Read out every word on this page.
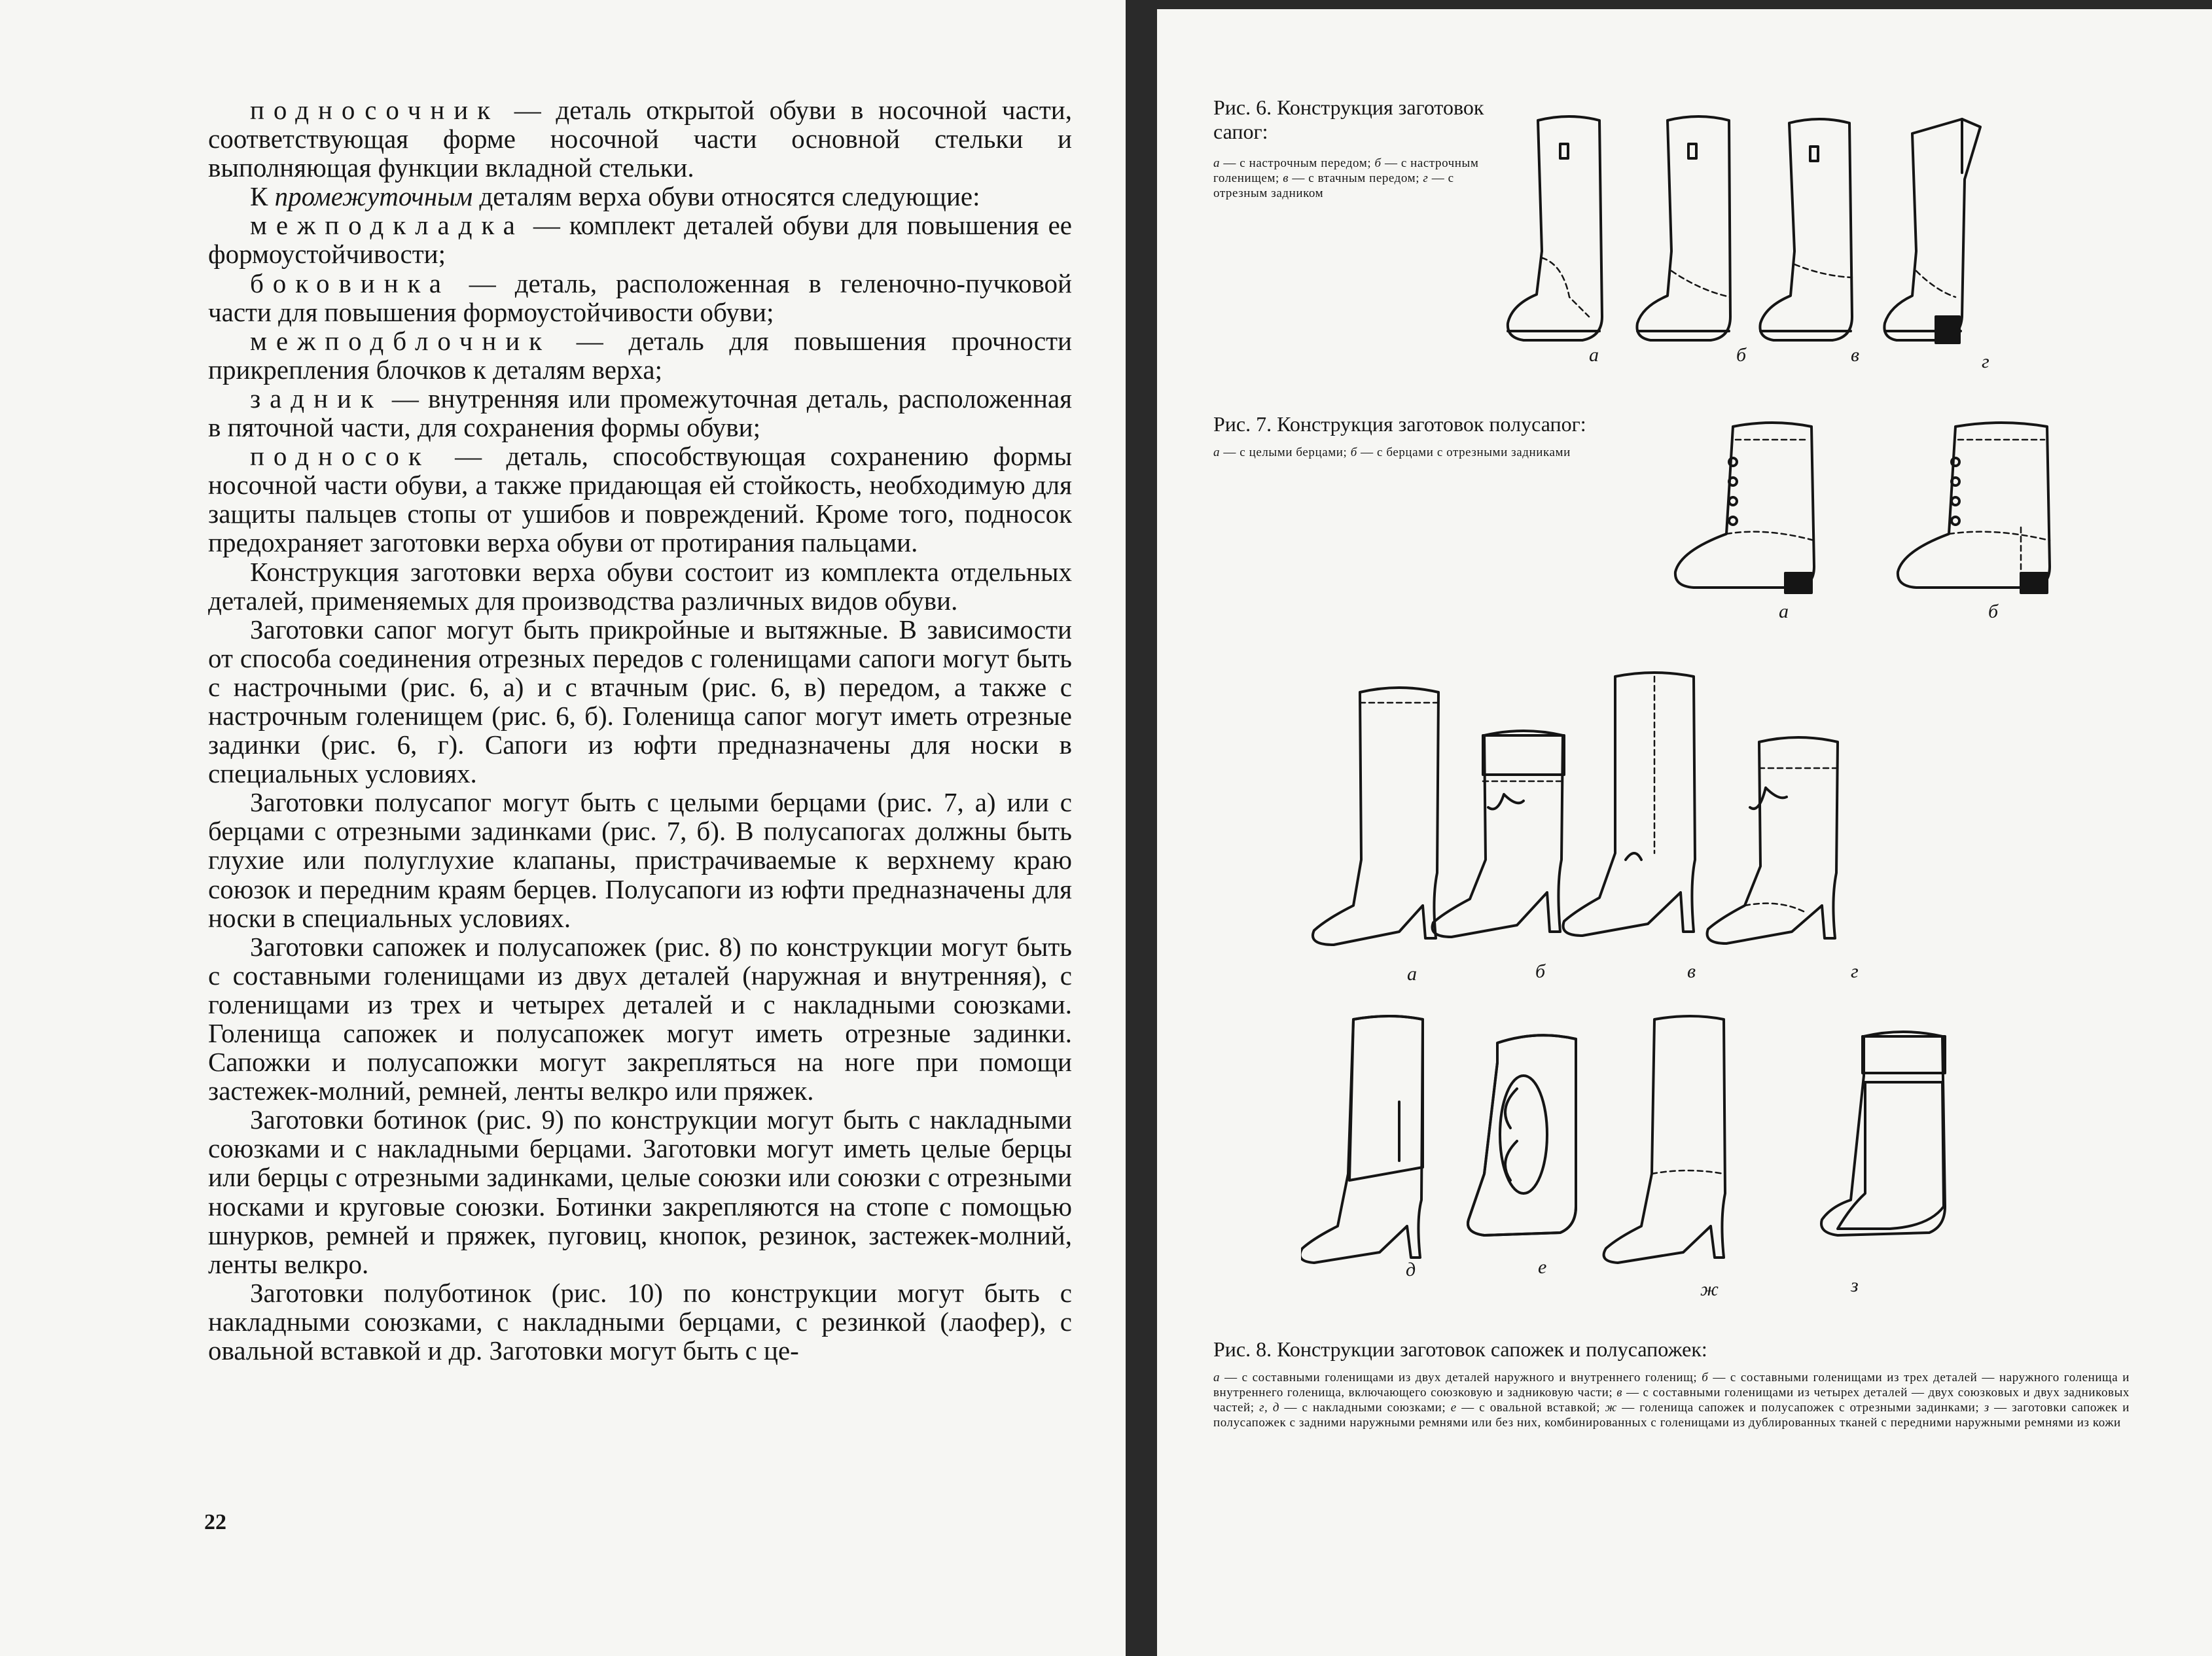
подносочник — деталь открытой обуви в носочной части, соответствующая форме носочной части основной стельки и выполняющая функции вкладной стельки.

К промежуточным деталям верха обуви относятся следующие:

межподкладка — комплект деталей обуви для повышения ее формоустойчивости;

боковинка — деталь, расположенная в геленочно-пучковой части для повышения формоустойчивости обуви;

межподблочник — деталь для повышения прочности прикрепления блочков к деталям верха;

задник — внутренняя или промежуточная деталь, расположенная в пяточной части, для сохранения формы обуви;

подносок — деталь, способствующая сохранению формы носочной части обуви, а также придающая ей стойкость, необходимую для защиты пальцев стопы от ушибов и повреждений. Кроме того, подносок предохраняет заготовки верха обуви от протирания пальцами.

Конструкция заготовки верха обуви состоит из комплекта отдельных деталей, применяемых для производства различных видов обуви.

Заготовки сапог могут быть прикройные и вытяжные. В зависимости от способа соединения отрезных передов с голенищами сапоги могут быть с настрочными (рис. 6, а) и с втачным (рис. 6, в) передом, а также с настрочным голенищем (рис. 6, б). Голенища сапог могут иметь отрезные задинки (рис. 6, г). Сапоги из юфти предназначены для носки в специальных условиях.

Заготовки полусапог могут быть с целыми берцами (рис. 7, а) или с берцами с отрезными задинками (рис. 7, б). В полусапогах должны быть глухие или полуглухие клапаны, пристрачиваемые к верхнему краю союзок и передним краям берцев. Полусапоги из юфти предназначены для носки в специальных условиях.

Заготовки сапожек и полусапожек (рис. 8) по конструкции могут быть с составными голенищами из двух деталей (наружная и внутренняя), с голенищами из трех и четырех деталей и с накладными союзками. Голенища сапожек и полусапожек могут иметь отрезные задинки. Сапожки и полусапожки могут закрепляться на ноге при помощи застежек-молний, ремней, ленты велкро или пряжек.

Заготовки ботинок (рис. 9) по конструкции могут быть с накладными союзками и с накладными берцами. Заготовки могут иметь целые берцы или берцы с отрезными задинками, целые союзки или союзки с отрезными носками и круговые союзки. Ботинки закрепляются на стопе с помощью шнурков, ремней и пряжек, пуговиц, кнопок, резинок, застежек-молний, ленты велкро.

Заготовки полуботинок (рис. 10) по конструкции могут быть с накладными союзками, с накладными берцами, с резинкой (лаофер), с овальной вставкой и др. Заготовки могут быть с це-

22
Рис. 6. Конструкция заготовок сапог:
а — с настрочным передом; б — с настрочным голенищем; в — с втачным передом; г — с отрезным задником
а	б	в	г
Рис. 7. Конструкция заготовок полусапог:
а — с целыми берцами; б — с берцами с отрезными задниками
а	б
а	б	в	г
д	е
ж	з
Рис. 8. Конструкции заготовок сапожек и полусапожек:
а — с составными голенищами из двух деталей наружного и внутреннего голенищ; б — с составными голенищами из трех деталей — наружного голенища и внутреннего голенища, включающего союзковую и задниковую части; в — с составными голенищами из четырех деталей — двух союзковых и двух задниковых частей; г, д — с накладными союзками; е — с овальной вставкой; ж — голенища сапожек и полусапожек с отрезными задинками; з — заготовки сапожек и полусапожек с задними наружными ремнями или без них, комбинированных с голенищами из дублированных тканей с передними наружными ремнями из кожи
